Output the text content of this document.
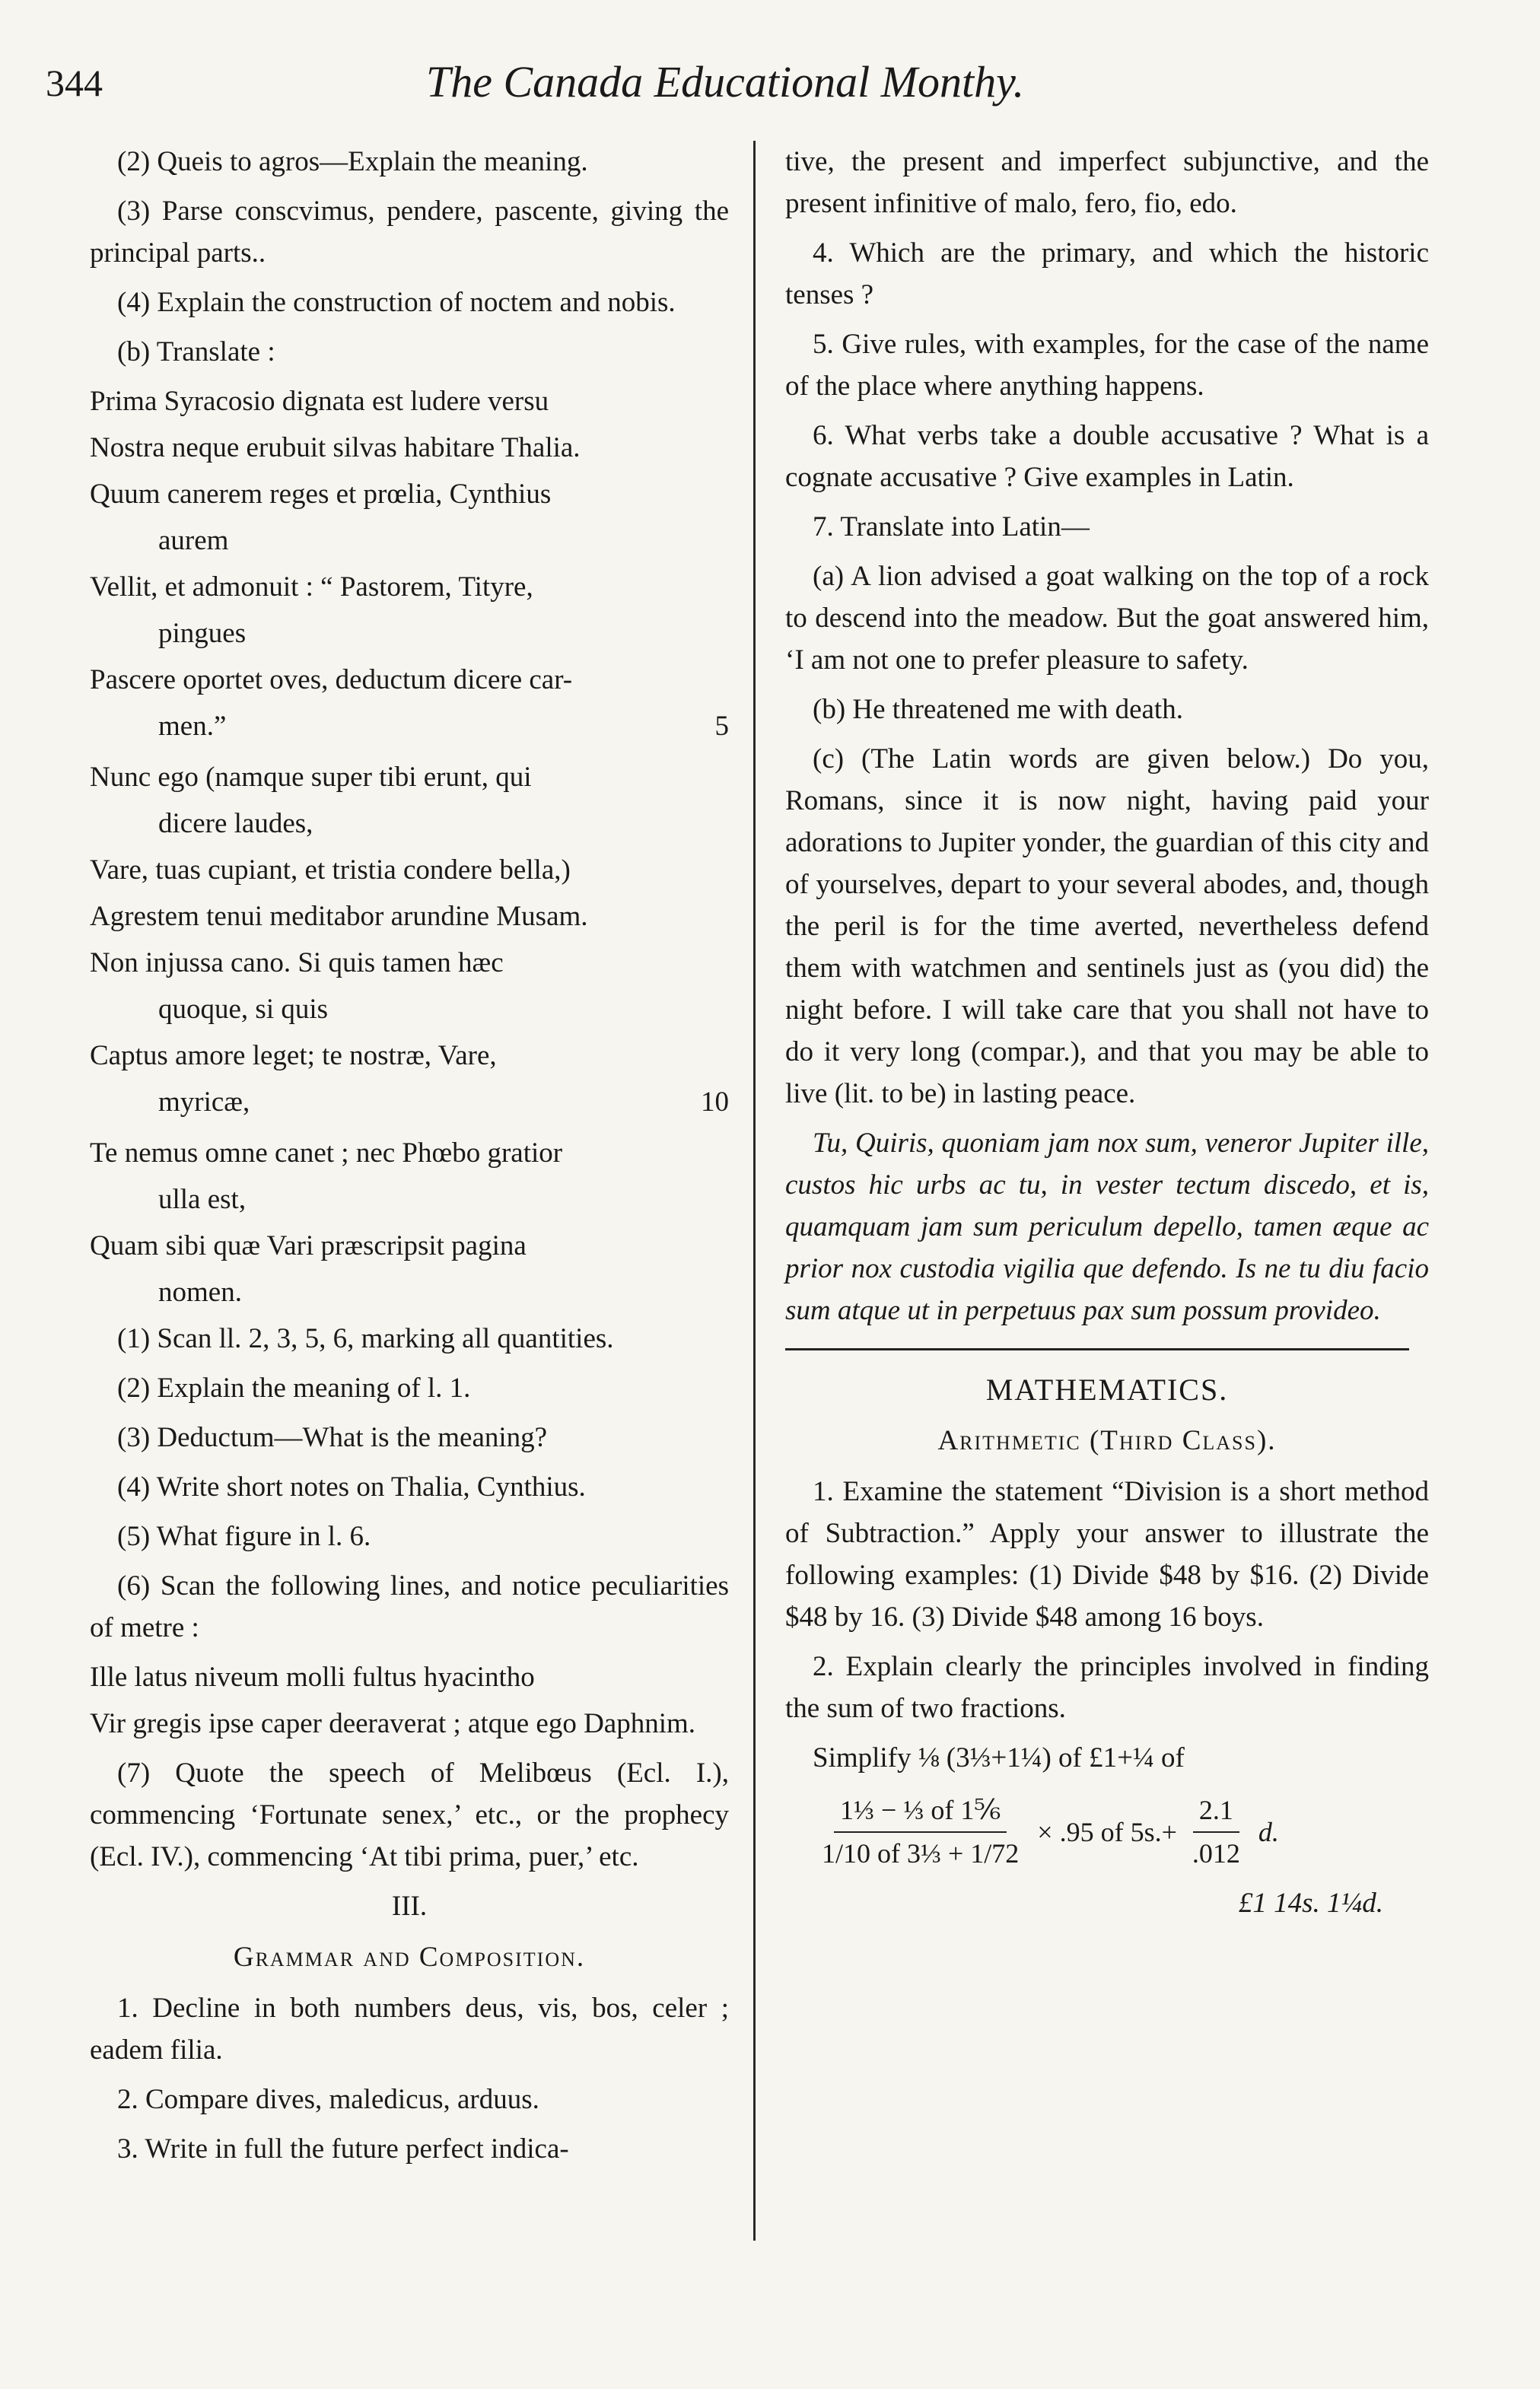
344	The Canada Educational Monthy.

(2) Queis to agros—Explain the meaning.

(3) Parse conscvimus, pendere, pascente, giving the principal parts..

(4) Explain the construction of noctem and nobis.

(b) Translate :

Prima Syracosio dignata est ludere versu
Nostra neque erubuit silvas habitare Thalia.
Quum canerem reges et prœlia, Cynthius
aurem
Vellit, et admonuit : “ Pastorem, Tityre,
pingues
Pascere oportet oves, deductum dicere car-
men.”	5
Nunc ego (namque super tibi erunt, qui
dicere laudes,
Vare, tuas cupiant, et tristia condere bella,)
Agrestem tenui meditabor arundine Musam.
Non injussa cano. Si quis tamen hæc
quoque, si quis
Captus amore leget; te nostræ, Vare,
myricæ,	10
Te nemus omne canet ; nec Phœbo gratior
ulla est,
Quam sibi quæ Vari præscripsit pagina
nomen.

(1) Scan ll. 2, 3, 5, 6, marking all quantities.

(2) Explain the meaning of l. 1.

(3) Deductum—What is the meaning?

(4) Write short notes on Thalia, Cynthius.

(5) What figure in l. 6.

(6) Scan the following lines, and notice peculiarities of metre :

Ille latus niveum molli fultus hyacintho

Vir gregis ipse caper deeraverat ; atque ego Daphnim.

(7) Quote the speech of Melibœus (Ecl. I.), commencing ‘Fortunate senex,’ etc., or the prophecy (Ecl. IV.), commencing ‘At tibi prima, puer,’ etc.

III.
Grammar and Composition.

1. Decline in both numbers deus, vis, bos, celer ; eadem filia.

2. Compare dives, maledicus, arduus.

3. Write in full the future perfect indica-

tive, the present and imperfect subjunctive, and the present infinitive of malo, fero, fio, edo.

4. Which are the primary, and which the historic tenses ?

5. Give rules, with examples, for the case of the name of the place where anything happens.

6. What verbs take a double accusative ? What is a cognate accusative ? Give examples in Latin.

7. Translate into Latin—

(a) A lion advised a goat walking on the top of a rock to descend into the meadow. But the goat answered him, ‘I am not one to prefer pleasure to safety.

(b) He threatened me with death.

(c) (The Latin words are given below.) Do you, Romans, since it is now night, having paid your adorations to Jupiter yonder, the guardian of this city and of yourselves, depart to your several abodes, and, though the peril is for the time averted, nevertheless defend them with watchmen and sentinels just as (you did) the night before. I will take care that you shall not have to do it very long (compar.), and that you may be able to live (lit. to be) in lasting peace.

Tu, Quiris, quoniam jam nox sum, veneror Jupiter ille, custos hic urbs ac tu, in vester tectum discedo, et is, quamquam jam sum periculum depello, tamen æque ac prior nox custodia vigilia que defendo. Is ne tu diu facio sum atque ut in perpetuus pax sum possum provideo.

MATHEMATICS.
Arithmetic (Third Class).

1. Examine the statement “Division is a short method of Subtraction.” Apply your answer to illustrate the following examples: (1) Divide $48 by $16. (2) Divide $48 by 16. (3) Divide $48 among 16 boys.

2. Explain clearly the principles involved in finding the sum of two fractions.

Simplify ⅛ (3⅓+1¼) of £1+¼ of

$\frac{\text{1⅓ − ⅓ of 1⅚}}{\text{1/10 of 3⅓ + 1/72}} \times .95$ of $5s.+ \frac{2.1}{.012} d$.
£1 14s. 1¼d.
